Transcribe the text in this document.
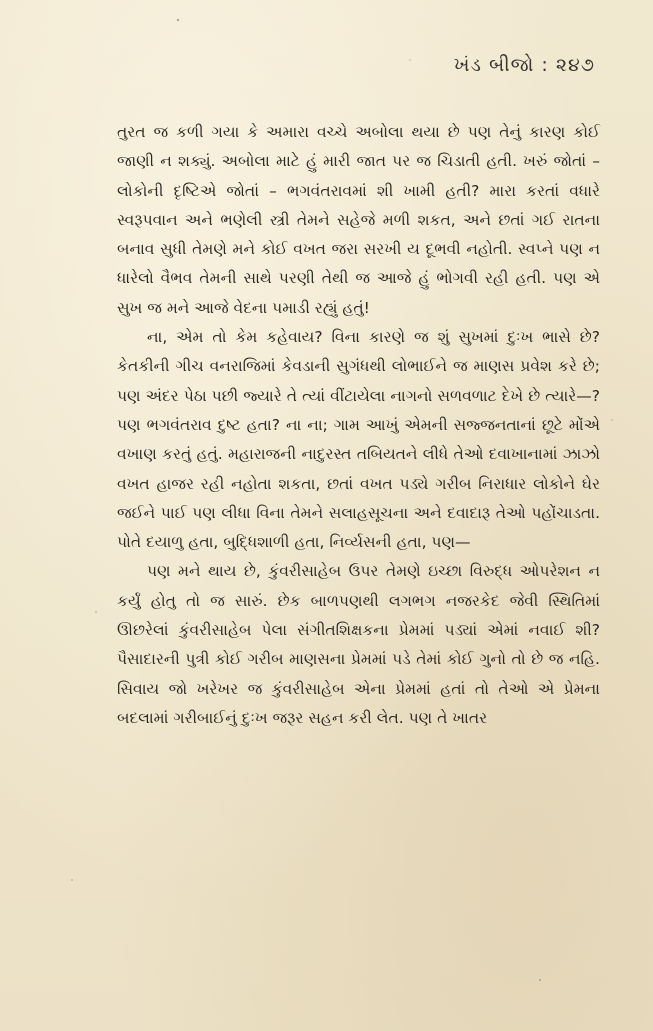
ખંડ બીજો : ૨૪૭

તુરત જ કળી ગયા કે અમારા વચ્ચે અબોલા થયા છે પણ તેનું કારણ કોઈ જાણી ન શક્યું. અબોલા માટે હું મારી જાત પર જ ચિડાતી હતી. ખરું જોતાં – લોકોની દૃષ્ટિએ જોતાં – ભગવંતરાવમાં શી ખામી હતી? મારા કરતાં વધારે સ્વરૂપવાન અને ભણેલી સ્ત્રી તેમને સહેજે મળી શકત, અને છતાં ગઈ રાતના બનાવ સુધી તેમણે મને કોઈ વખત જરા સરખી ય દૂભવી નહોતી. સ્વપ્ને પણ ન ધારેલો વૈભવ તેમની સાથે પરણી તેથી જ આજે હું ભોગવી રહી હતી. પણ એ સુખ જ મને આજે વેદના પમાડી રહ્યું હતું!

ના, એમ તો કેમ કહેવાય? વિના કારણે જ શું સુખમાં દુઃખ ભાસે છે? કેતકીની ગીચ વનરાજિમાં કેવડાની સુગંધથી લોભાઈને જ માણસ પ્રવેશ કરે છે; પણ અંદર પેઠા પછી જ્યારે તે ત્યાં વીંટાયેલા નાગનો સળવળાટ દેખે છે ત્યારે—? પણ ભગવંતરાવ દુષ્ટ હતા? ના ના; ગામ આખું એમની સજ્જનતાનાં છૂટે મોંએ વખાણ કરતું હતું. મહારાજની નાદુરસ્ત તબિયતને લીધે તેઓ દવાખાનામાં ઝાઝો વખત હાજર રહી નહોતા શકતા, છતાં વખત પડ્યે ગરીબ નિરાધાર લોકોને ઘેર જઈને પાઈ પણ લીધા વિના તેમને સલાહસૂચના અને દવાદારૂ તેઓ પહોંચાડતા. પોતે દયાળુ હતા, બુદ્ધિશાળી હતા, નિર્વ્યસની હતા, પણ—

પણ મને થાય છે, કુંવરીસાહેબ ઉપર તેમણે ઇચ્છા વિરુદ્ધ ઓપરેશન ન કર્યું હોતુ તો જ સારું. છેક બાળપણથી લગભગ નજરકેદ જેવી સ્થિતિમાં ઊછરેલાં કુંવરીસાહેબ પેલા સંગીતશિક્ષકના પ્રેમમાં પડ્યાં એમાં નવાઈ શી? પૈસાદારની પુત્રી કોઈ ગરીબ માણસના પ્રેમમાં પડે તેમાં કોઈ ગુનો તો છે જ નહિ. સિવાય જો ખરેખર જ કુંવરીસાહેબ એના પ્રેમમાં હતાં તો તેઓ એ પ્રેમના બદલામાં ગરીબાઈનું દુઃખ જરૂર સહન કરી લેત. પણ તે ખાતર
